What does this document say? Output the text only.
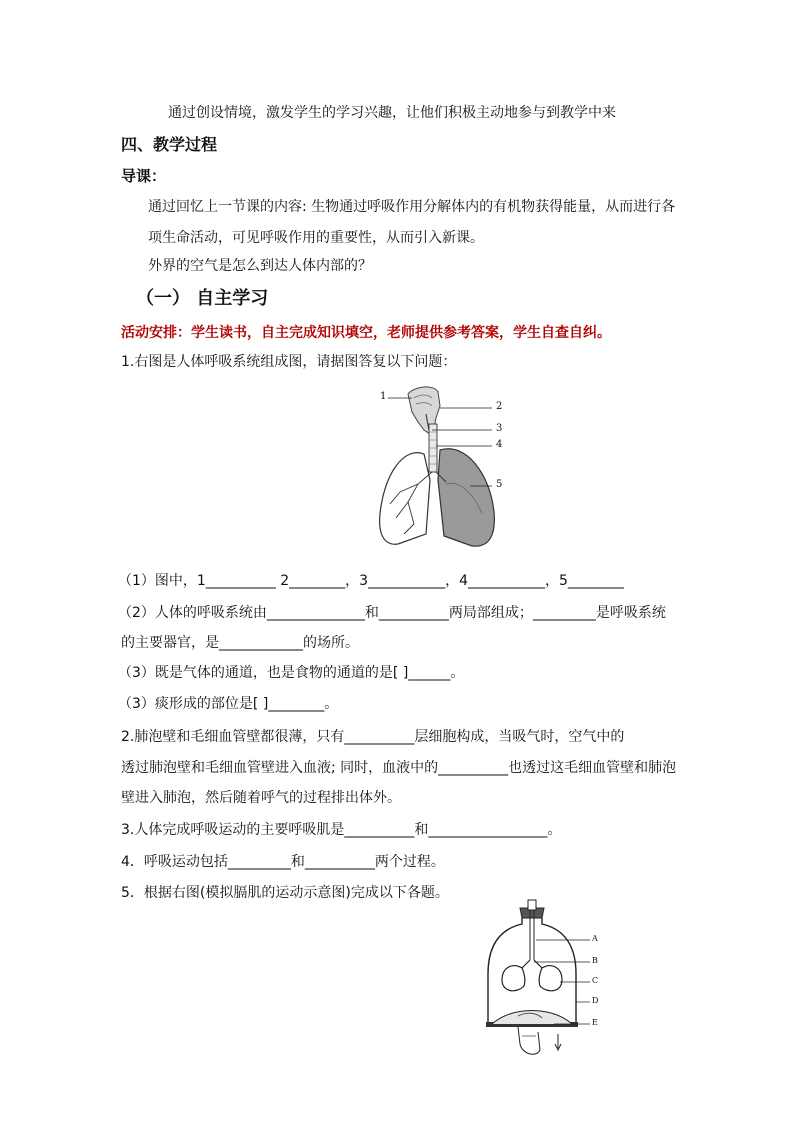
通过创设情境，激发学生的学习兴趣，让他们积极主动地参与到教学中来
四、教学过程
导课：
通过回忆上一节课的内容: 生物通过呼吸作用分解体内的有机物获得能量，从而进行各
项生命活动，可见呼吸作用的重要性，从而引入新课。
外界的空气是怎么到达人体内部的？
（一） 自主学习
活动安排：学生读书，自主完成知识填空，老师提供参考答案，学生自查自纠。
1.右图是人体呼吸系统组成图，请据图答复以下问题：
1
2
3
4
5
（1）图中，1__________ 2________，3___________，4___________，5________
（2）人体的呼吸系统由______________和__________两局部组成；_________是呼吸系统
的主要器官，是____________的场所。
（3）既是气体的通道，也是食物的通道的是[ ]______。
（3）痰形成的部位是[ ]________。
2.肺泡壁和毛细血管壁都很薄，只有__________层细胞构成，当吸气时，空气中的
透过肺泡壁和毛细血管壁进入血液; 同时，血液中的__________也透过这毛细血管壁和肺泡
壁进入肺泡，然后随着呼气的过程排出体外。
3.人体完成呼吸运动的主要呼吸肌是__________和_________________。
4．呼吸运动包括_________和__________两个过程。
5．根据右图(模拟膈肌的运动示意图)完成以下各题。
A
B
C
D
E
